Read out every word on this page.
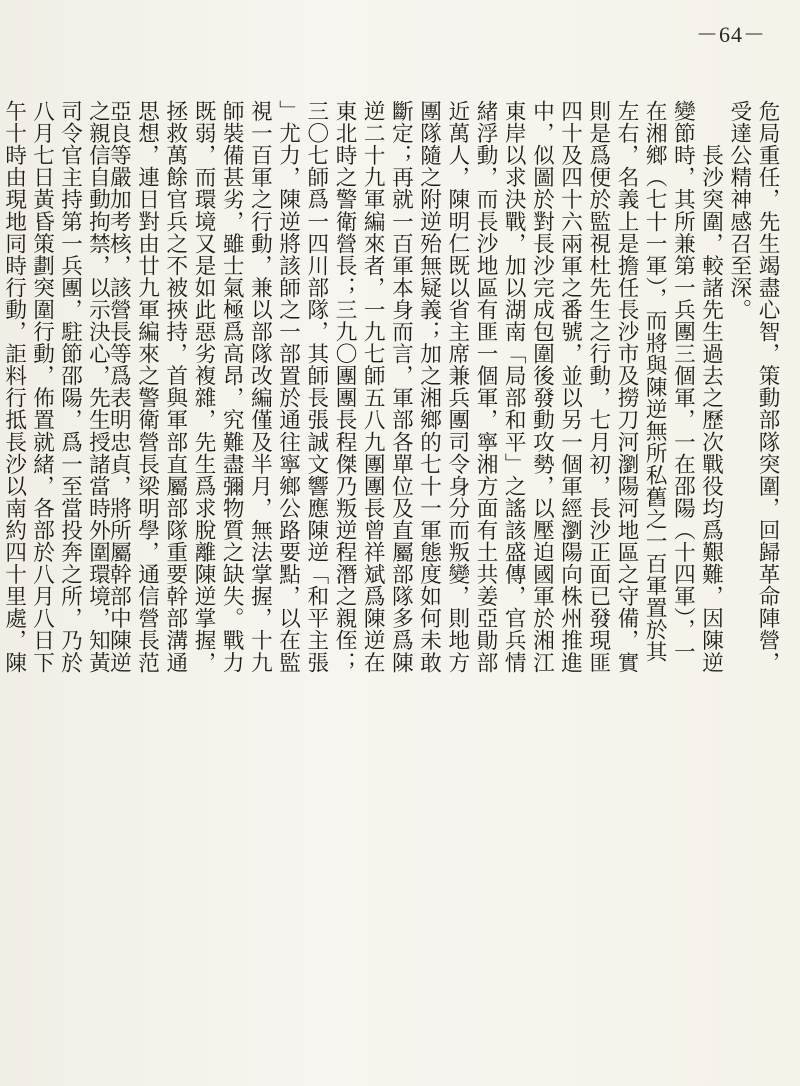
－64－
危局重任，先生竭盡心智，策動部隊突圍，回歸革命陣營，
受達公精神感召至深。
　　長沙突圍，較諸先生過去之歷次戰役均爲艱難，因陳逆
變節時，其所兼第一兵團三個軍，一在邵陽（十四軍），一
在湘鄉（七十一軍），而將與陳逆無所私舊之一百軍置於其
左右，名義上是擔任長沙市及撈刀河瀏陽河地區之守備，實
則是爲便於監視杜先生之行動，七月初，長沙正面已發現匪
四十及四十六兩軍之番號，並以另一個軍經瀏陽向株州推進
中，似圖於對長沙完成包圍後發動攻勢，以壓迫國軍於湘江
東岸以求決戰，加以湖南「局部和平」之謠該盛傳，官兵情
緒浮動，而長沙地區有匪一個軍，寧湘方面有土共姜亞勛部
近萬人，陳明仁既以省主席兼兵團司令身分而叛變，則地方
團隊隨之附逆殆無疑義；加之湘鄉的七十一軍態度如何未敢
斷定；再就一百軍本身而言，軍部各單位及直屬部隊多爲陳
逆二十九軍編來者，一九七師五八九團團長曾祥斌爲陳逆在
東北時之警衛營長；三九〇團團長程傑乃叛逆程潛之親侄；
三〇七師爲一四川部隊，其師長張誠文響應陳逆「和平主張
」尤力，陳逆將該師之一部置於通往寧鄉公路要點，以在監
視一百軍之行動，兼以部隊改編僅及半月，無法掌握，十九
師裝備甚劣，雖士氣極爲高昂，究難盡彌物質之缺失。戰力
既弱，而環境又是如此惡劣複雜，先生爲求脫離陳逆掌握，
拯救萬餘官兵之不被挾持，首與軍部直屬部隊重要幹部溝通
思想，連日對由廿九軍編來之警衛營長梁明學，通信營長范
亞良等嚴加考核，該營長等爲表明忠貞，將所屬幹部中陳逆
之親信自動拘禁，以示決心，先生授諸當時外圍環境，知黃
司令官主持第一兵團，駐節邵陽，爲一至當投奔之所，乃於
八月七日黃昏策劃突圍行動，佈置就緒，各部於八月八日下
午十時由現地同時行動，詎料行抵長沙以南約四十里處，陳
